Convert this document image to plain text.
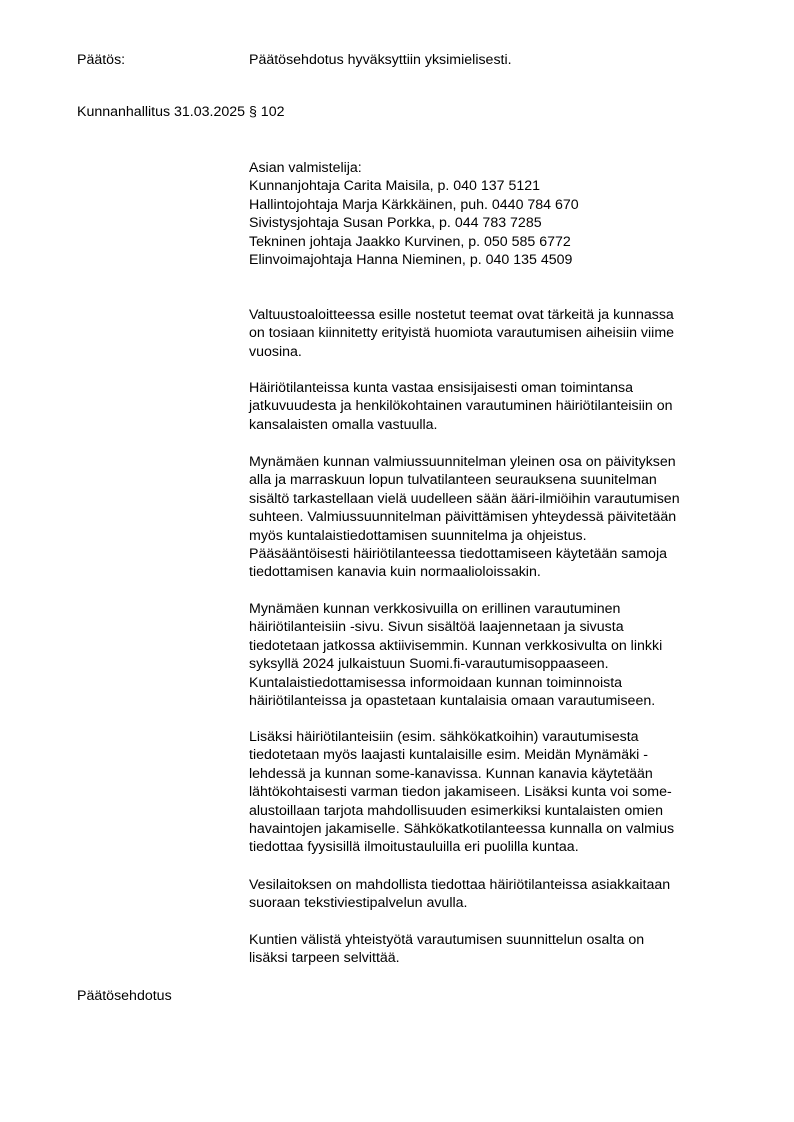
Päätös:	Päätösehdotus hyväksyttiin yksimielisesti.
Kunnanhallitus 31.03.2025 § 102
Asian valmistelija:
Kunnanjohtaja Carita Maisila, p. 040 137 5121
Hallintojohtaja Marja Kärkkäinen, puh. 0440 784 670
Sivistysjohtaja Susan Porkka, p. 044 783 7285
Tekninen johtaja Jaakko Kurvinen, p. 050 585 6772
Elinvoimajohtaja Hanna Nieminen, p. 040 135 4509
Valtuustoaloitteessa esille nostetut teemat ovat tärkeitä ja kunnassa
on tosiaan kiinnitetty erityistä huomiota varautumisen aiheisiin viime
vuosina.
Häiriötilanteissa kunta vastaa ensisijaisesti oman toimintansa
jatkuvuudesta ja henkilökohtainen varautuminen häiriötilanteisiin on
kansalaisten omalla vastuulla.
Mynämäen kunnan valmiussuunnitelman yleinen osa on päivityksen
alla ja marraskuun lopun tulvatilanteen seurauksena suunitelman
sisältö tarkastellaan vielä uudelleen sään ääri-ilmiöihin varautumisen
suhteen. Valmiussuunnitelman päivittämisen yhteydessä päivitetään
myös kuntalaistiedottamisen suunnitelma ja ohjeistus.
Pääsääntöisesti häiriötilanteessa tiedottamiseen käytetään samoja
tiedottamisen kanavia kuin normaalioloissakin.
Mynämäen kunnan verkkosivuilla on erillinen varautuminen
häiriötilanteisiin -sivu. Sivun sisältöä laajennetaan ja sivusta
tiedotetaan jatkossa aktiivisemmin. Kunnan verkkosivulta on linkki
syksyllä 2024 julkaistuun Suomi.fi-varautumisoppaaseen.
Kuntalaistiedottamisessa informoidaan kunnan toiminnoista
häiriötilanteissa ja opastetaan kuntalaisia omaan varautumiseen.
Lisäksi häiriötilanteisiin (esim. sähkökatkoihin) varautumisesta
tiedotetaan myös laajasti kuntalaisille esim. Meidän Mynämäki -
lehdessä ja kunnan some-kanavissa. Kunnan kanavia käytetään
lähtökohtaisesti varman tiedon jakamiseen. Lisäksi kunta voi some-
alustoillaan tarjota mahdollisuuden esimerkiksi kuntalaisten omien
havaintojen jakamiselle. Sähkökatkotilanteessa kunnalla on valmius
tiedottaa fyysisillä ilmoitustauluilla eri puolilla kuntaa.
Vesilaitoksen on mahdollista tiedottaa häiriötilanteissa asiakkaitaan
suoraan tekstiviestipalvelun avulla.
Kuntien välistä yhteistyötä varautumisen suunnittelun osalta on
lisäksi tarpeen selvittää.
Päätösehdotus
